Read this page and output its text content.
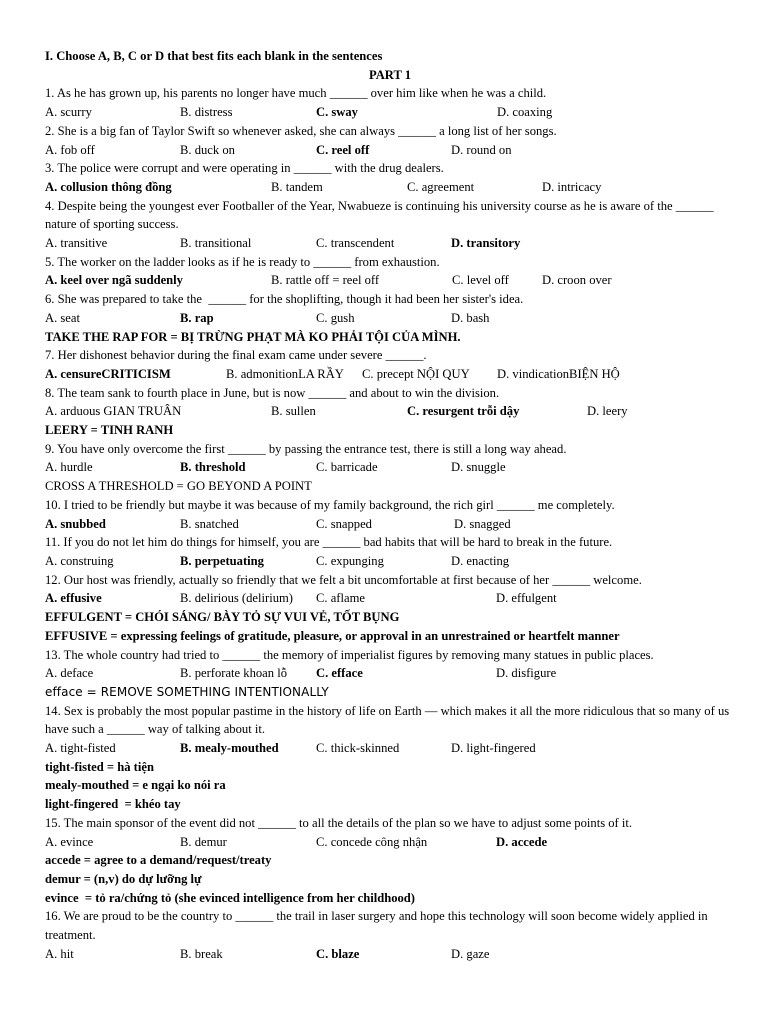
I. Choose A, B, C or D that best fits each blank in the sentences
PART 1
1. As he has grown up, his parents no longer have much ______ over him like when he was a child.
A. scurry	B. distress	C. sway	D. coaxing
2. She is a big fan of Taylor Swift so whenever asked, she can always ______ a long list of her songs.
A. fob off	B. duck on	C. reel off	D. round on
3. The police were corrupt and were operating in ______ with the drug dealers.
A. collusion thông đồng	B. tandem	C. agreement	D. intricacy
4. Despite being the youngest ever Footballer of the Year, Nwabueze is continuing his university course as he is aware of the ______ nature of sporting success.
A. transitive	B. transitional	C. transcendent	D. transitory
5. The worker on the ladder looks as if he is ready to ______ from exhaustion.
A. keel over ngã suddenly	B. rattle off = reel off	C. level off	D. croon over
6. She was prepared to take the  ______ for the shoplifting, though it had been her sister's idea.
A. seat	B. rap	C. gush	D. bash
TAKE THE RAP FOR = BỊ TRỪNG PHẠT MÀ KO PHẢI TỘI CỦA MÌNH.
7. Her dishonest behavior during the final exam came under severe ______.
A. censureCRITICISM	B. admonitionLA RẦY	C. precept NỘI QUY	D. vindicationBIỆN HỘ
8. The team sank to fourth place in June, but is now ______ and about to win the division.
A. arduous GIAN TRUÂN	B. sullen	C. resurgent trỗi dậy	D. leery
LEERY = TINH RANH
9. You have only overcome the first ______ by passing the entrance test, there is still a long way ahead.
A. hurdle	B. threshold	C. barricade	D. snuggle
CROSS A THRESHOLD = GO BEYOND A POINT
10. I tried to be friendly but maybe it was because of my family background, the rich girl ______ me completely.
A. snubbed	B. snatched	C. snapped	D. snagged
11. If you do not let him do things for himself, you are ______ bad habits that will be hard to break in the future.
A. construing	B. perpetuating	C. expunging	D. enacting
12. Our host was friendly, actually so friendly that we felt a bit uncomfortable at first because of her ______ welcome.
A. effusive	B. delirious (delirium)	C. aflame	D. effulgent
EFFULGENT = CHÓI SÁNG/ BÀY TỎ SỰ VUI VẺ, TỐT BỤNG
EFFUSIVE = expressing feelings of gratitude, pleasure, or approval in an unrestrained or heartfelt manner
13. The whole country had tried to ______ the memory of imperialist figures by removing many statues in public places.
A. deface	B. perforate khoan lỗ	C. efface	D. disfigure
efface = REMOVE SOMETHING INTENTIONALLY
14. Sex is probably the most popular pastime in the history of life on Earth — which makes it all the more ridiculous that so many of us have such a ______ way of talking about it.
A. tight-fisted	B. mealy-mouthed	C. thick-skinned	D. light-fingered
tight-fisted = hà tiện
mealy-mouthed = e ngại ko nói ra
light-fingered  = khéo tay
15. The main sponsor of the event did not ______ to all the details of the plan so we have to adjust some points of it.
A. evince	B. demur	C. concede công nhận	D. accede
accede = agree to a demand/request/treaty
demur = (n,v) do dự lưỡng lự
evince  = tỏ ra/chứng tỏ (she evinced intelligence from her childhood)
16. We are proud to be the country to ______ the trail in laser surgery and hope this technology will soon become widely applied in treatment.
A. hit	B. break	C. blaze	D. gaze
